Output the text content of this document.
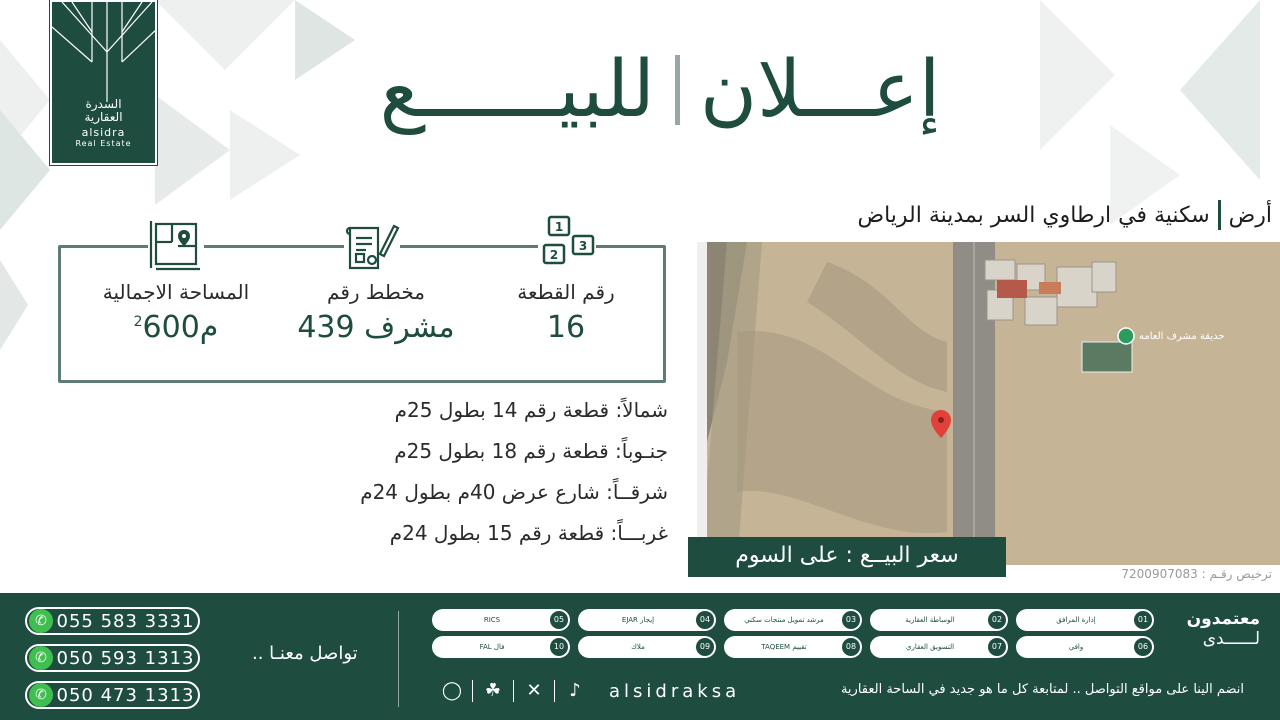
السدرة
العقارية
alsidra
Real Estate
إعـــلان
للبيــــــع
أرض
سكنية في ارطاوي السر بمدينة الرياض
رقم القطعة
16
مخطط رقم
مشرف 439
المساحة الاجمالية
$^2$ م600
1
3
2
شمالاً: قطعة رقم 14 بطول 25م
جنـوباً: قطعة رقم 18 بطول 25م
شرقــاً: شارع عرض 40م بطول 24م
غربـــاً: قطعة رقم 15 بطول 24م
حديقة مشرف العامه
سعر البيــع : على السوم
ترخيص رقـم : 7200907083
✆ 055 583 3331
✆ 050 593 1313
✆ 050 473 1313
تواصل معنـا ..
01
إدارة المرافق
02
الوساطة العقارية
03
مرشد تمويل منتجات سكني
04
إيجار EJAR
05
RICS
06
وافي
07
التسويق العقاري
08
تقييم TAQEEM
09
ملاك
10
فال FAL
معتمدون
لــــــدى
◯ ☘ ✕	♪	alsidraksa	انضم الينا على مواقع التواصل .. لمتابعة كل ما هو جديد في الساحة العقارية
